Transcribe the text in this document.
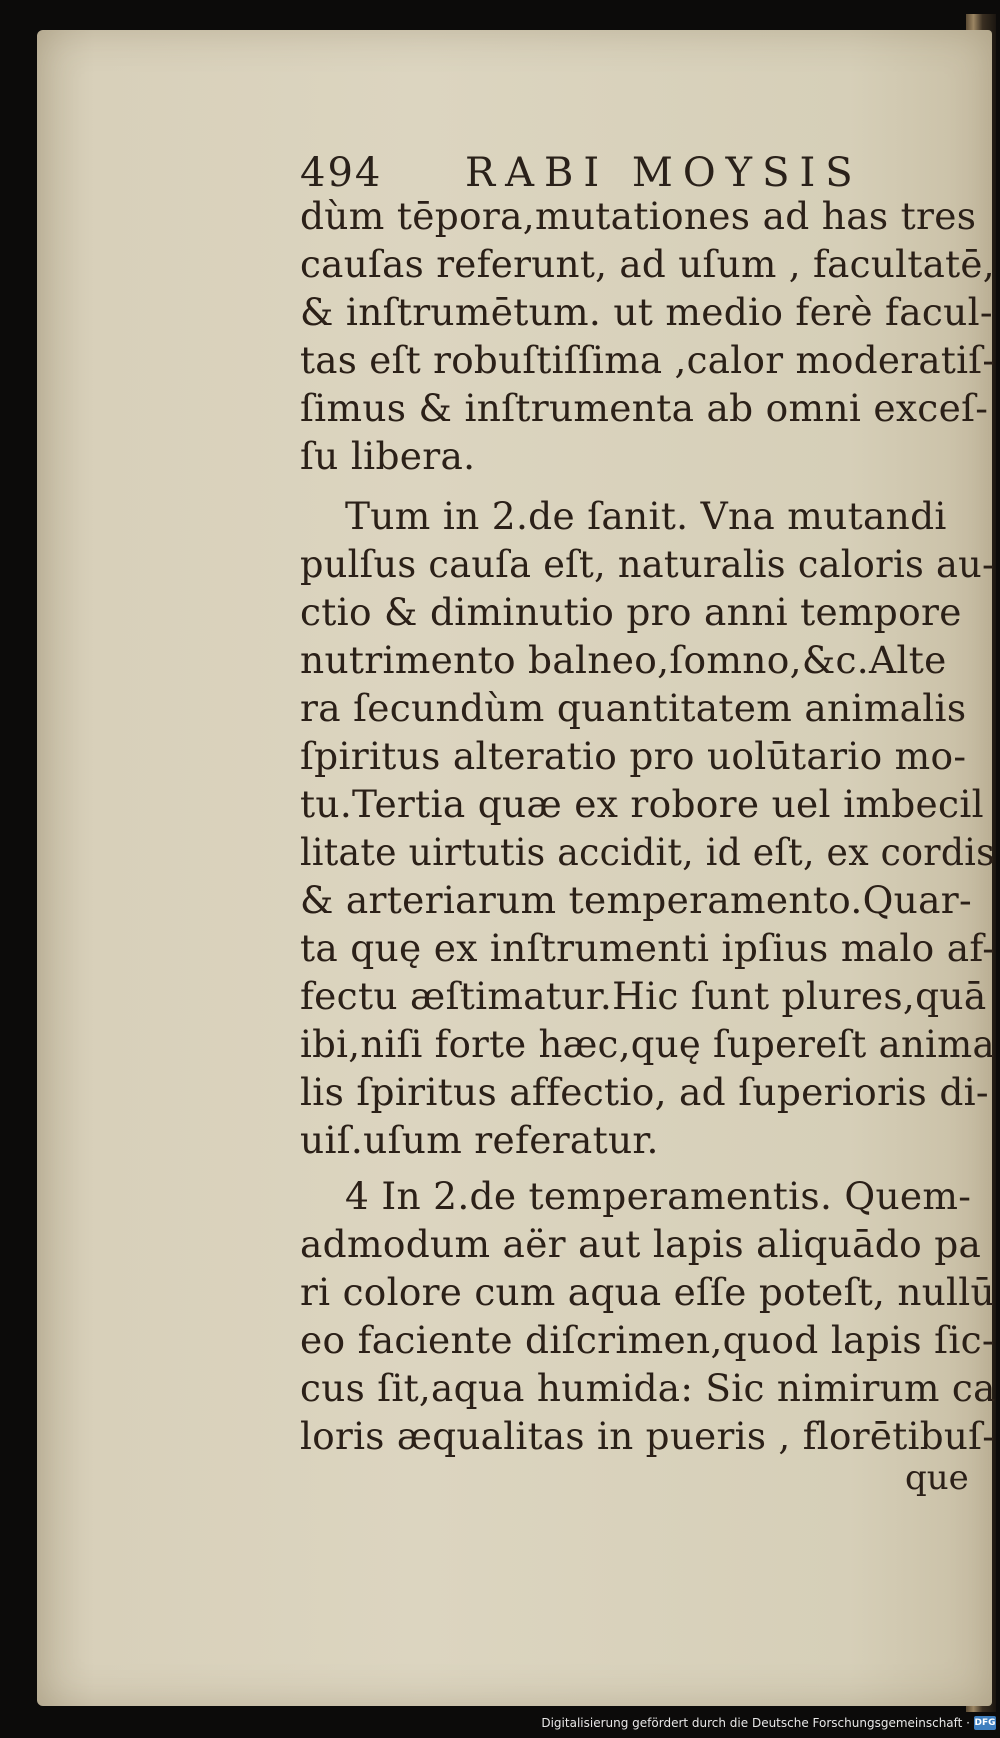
494 RABI MOYSIS
dùm tēpora,mutationes ad has tres
cauſas referunt, ad uſum , facultatē,
& inſtrumētum. ut medio ferè facul-
tas eſt robuſtiſſima ,calor moderatiſ-
ſimus & inſtrumenta ab omni exceſ-
ſu libera.
Tum in 2.de ſanit. Vna mutandi
pulſus cauſa eſt, naturalis caloris au-
ctio & diminutio pro anni tempore
nutrimento balneo,ſomno,&c.Alte
ra ſecundùm quantitatem animalis
ſpiritus alteratio pro uolūtario mo-
tu.Tertia quæ ex robore uel imbecil
litate uirtutis accidit, id eſt, ex cordis
& arteriarum temperamento.Quar-
ta quę ex inſtrumenti ipſius malo af-
fectu æſtimatur.Hic ſunt plures,quā
ibi,niſi forte hæc,quę ſupereſt anima
lis ſpiritus affectio, ad ſuperioris di-
uiſ.uſum referatur.
4 In 2.de temperamentis. Quem-
admodum aër aut lapis aliquādo pa
ri colore cum aqua eſſe poteſt, nullū
eo faciente diſcrimen,quod lapis ſic-
cus ſit,aqua humida: Sic nimirum ca
loris æqualitas in pueris , florētibuſ-
que
Digitalisierung gefördert durch die Deutsche Forschungsgemeinschaft · DFG
